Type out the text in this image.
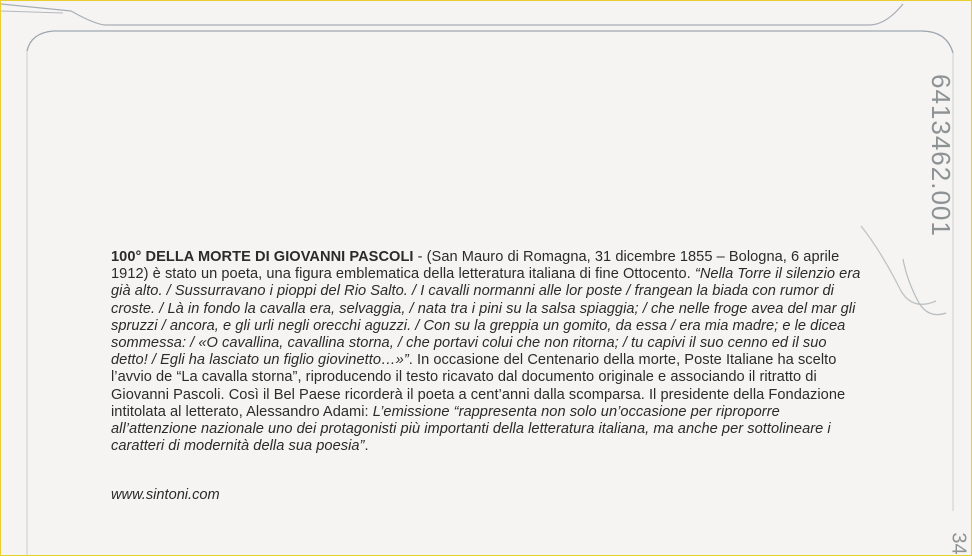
100° DELLA MORTE DI GIOVANNI PASCOLI - (San Mauro di Romagna, 31 dicembre 1855 – Bologna, 6 aprile 1912) è stato un poeta, una figura emblematica della letteratura italiana di fine Ottocento. “Nella Torre il silenzio era già alto. / Sussurravano i pioppi del Rio Salto. / I cavalli normanni alle lor poste / frangean la biada con rumor di croste. / Là in fondo la cavalla era, selvaggia, / nata tra i pini su la salsa spiaggia; / che nelle froge avea del mar gli spruzzi / ancora, e gli urli negli orecchi aguzzi. / Con su la greppia un gomito, da essa / era mia madre; e le dicea sommessa: / «O cavallina, cavallina storna, / che portavi colui che non ritorna; / tu capivi il suo cenno ed il suo detto! / Egli ha lasciato un figlio giovinetto…»”. In occasione del Centenario della morte, Poste Italiane ha scelto l’avvio de “La cavalla storna”, riproducendo il testo ricavato dal documento originale e associando il ritratto di Giovanni Pascoli. Così il Bel Paese ricorderà il poeta a cent’anni dalla scomparsa. Il presidente della Fondazione intitolata al letterato, Alessandro Adami: L’emissione “rappresenta non solo un’occasione per riproporre all’attenzione nazionale uno dei protagonisti più importanti della letteratura italiana, ma anche per sottolineare i caratteri di modernità della sua poesia”.
www.sintoni.com
6413462.001
34
